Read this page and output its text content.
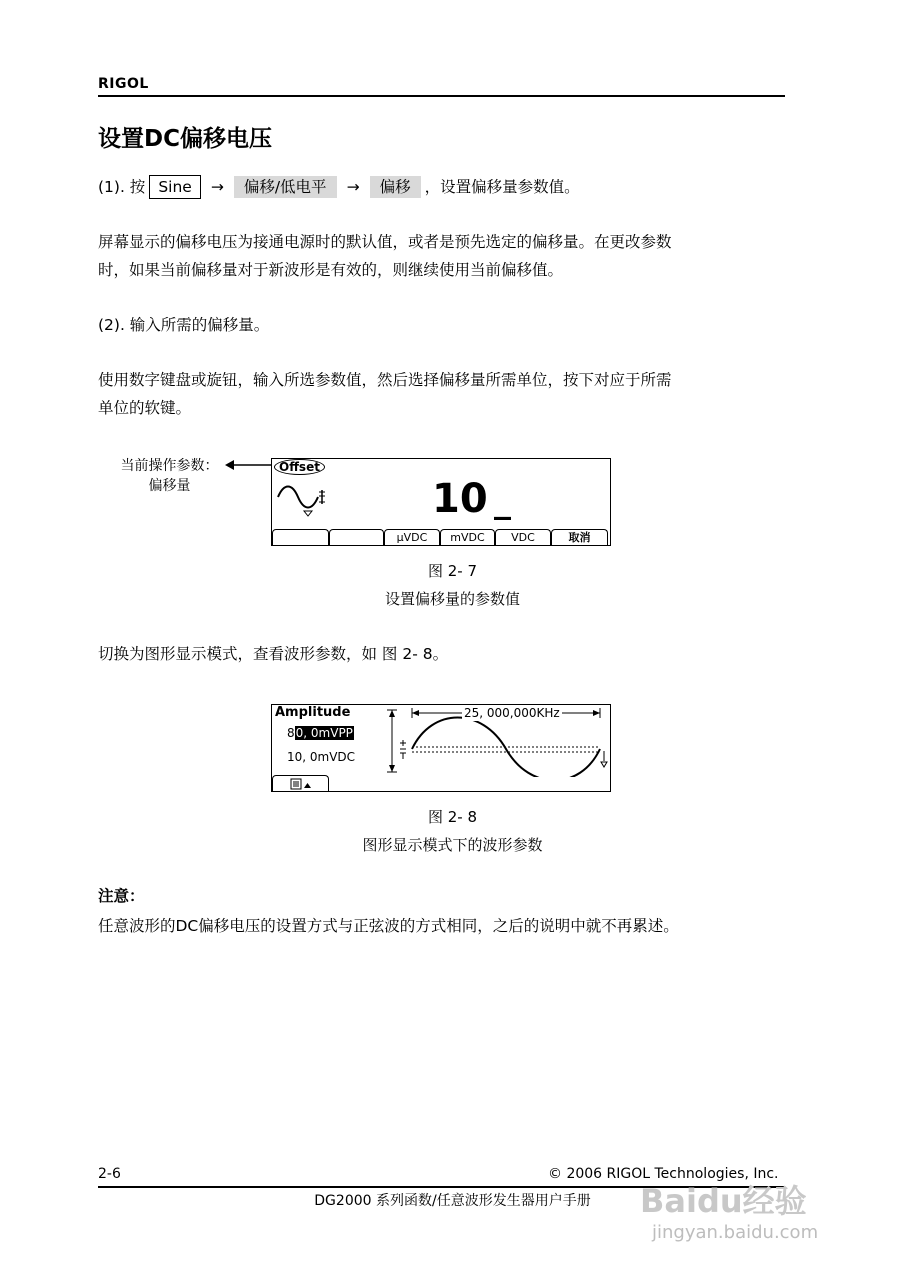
RIGOL
设置DC偏移电压
(1). 按 Sine → 偏移/低电平 → 偏移 ，设置偏移量参数值。
屏幕显示的偏移电压为接通电源时的默认值，或者是预先选定的偏移量。在更改参数
时，如果当前偏移量对于新波形是有效的，则继续使用当前偏移值。
(2). 输入所需的偏移量。
使用数字键盘或旋钮，输入所选参数值，然后选择偏移量所需单位，按下对应于所需
单位的软键。
当前操作参数：
偏移量
Offset
10 _
μVDC	mVDC	VDC	取消
图 2- 7
设置偏移量的参数值
切换为图形显示模式，查看波形参数，如 图 2- 8。
Amplitude
80, 0mVPP
10, 0mVDC
25, 000,000KHz
图 2- 8
图形显示模式下的波形参数
注意：
任意波形的DC偏移电压的设置方式与正弦波的方式相同，之后的说明中就不再累述。
2-6	© 2006 RIGOL Technologies, Inc.
DG2000 系列函数/任意波形发生器用户手册	Baidu经验
jingyan.baidu.com
